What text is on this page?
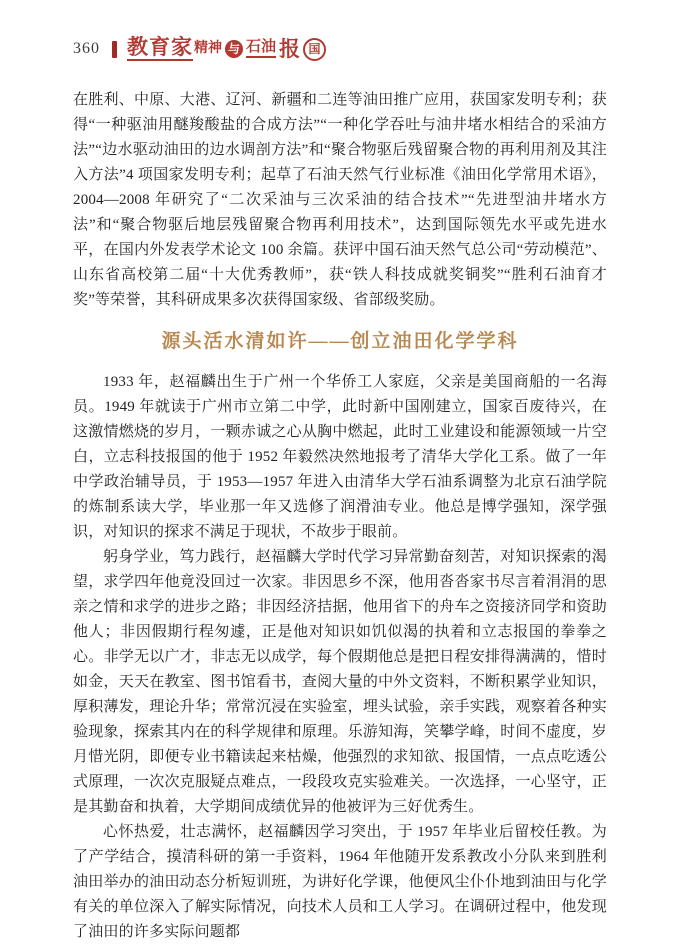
360 教育家 精神 与 石油 报 国

在胜利、中原、大港、辽河、新疆和二连等油田推广应用，获国家发明专利；获得“一种驱油用醚羧酸盐的合成方法”“一种化学吞吐与油井堵水相结合的采油方法”“边水驱动油田的边水调剖方法”和“聚合物驱后残留聚合物的再利用剂及其注入方法”4 项国家发明专利；起草了石油天然气行业标准《油田化学常用术语》，2004—2008 年研究了“二次采油与三次采油的结合技术”“先进型油井堵水方法”和“聚合物驱后地层残留聚合物再利用技术”，达到国际领先水平或先进水平，在国内外发表学术论文 100 余篇。获评中国石油天然气总公司“劳动模范”、山东省高校第二届“十大优秀教师”，获“铁人科技成就奖铜奖”“胜利石油育才奖”等荣誉，其科研成果多次获得国家级、省部级奖励。

源头活水清如许——创立油田化学学科

1933 年，赵福麟出生于广州一个华侨工人家庭，父亲是美国商船的一名海员。1949 年就读于广州市立第二中学，此时新中国刚建立，国家百废待兴，在这激情燃烧的岁月，一颗赤诚之心从胸中燃起，此时工业建设和能源领域一片空白，立志科技报国的他于 1952 年毅然决然地报考了清华大学化工系。做了一年中学政治辅导员，于 1953—1957 年进入由清华大学石油系调整为北京石油学院的炼制系读大学，毕业那一年又选修了润滑油专业。他总是博学强知，深学强识，对知识的探求不满足于现状，不故步于眼前。

躬身学业，笃力践行，赵福麟大学时代学习异常勤奋刻苦，对知识探索的渴望，求学四年他竟没回过一次家。非因思乡不深，他用沓沓家书尽言着涓涓的思亲之情和求学的进步之路；非因经济拮据，他用省下的舟车之资接济同学和资助他人；非因假期行程匆遽，正是他对知识如饥似渴的执着和立志报国的拳拳之心。非学无以广才，非志无以成学，每个假期他总是把日程安排得满满的，惜时如金，天天在教室、图书馆看书，查阅大量的中外文资料，不断积累学业知识，厚积薄发，理论升华；常常沉浸在实验室，埋头试验，亲手实践，观察着各种实验现象，探索其内在的科学规律和原理。乐游知海，笑攀学峰，时间不虚度，岁月惜光阴，即便专业书籍读起来枯燥，他强烈的求知欲、报国情，一点点吃透公式原理，一次次克服疑点难点，一段段攻克实验难关。一次选择，一心坚守，正是其勤奋和执着，大学期间成绩优异的他被评为三好优秀生。

心怀热爱，壮志满怀，赵福麟因学习突出，于 1957 年毕业后留校任教。为了产学结合，摸清科研的第一手资料，1964 年他随开发系教改小分队来到胜利油田举办的油田动态分析短训班，为讲好化学课，他便风尘仆仆地到油田与化学有关的单位深入了解实际情况，向技术人员和工人学习。在调研过程中，他发现了油田的许多实际问题都
